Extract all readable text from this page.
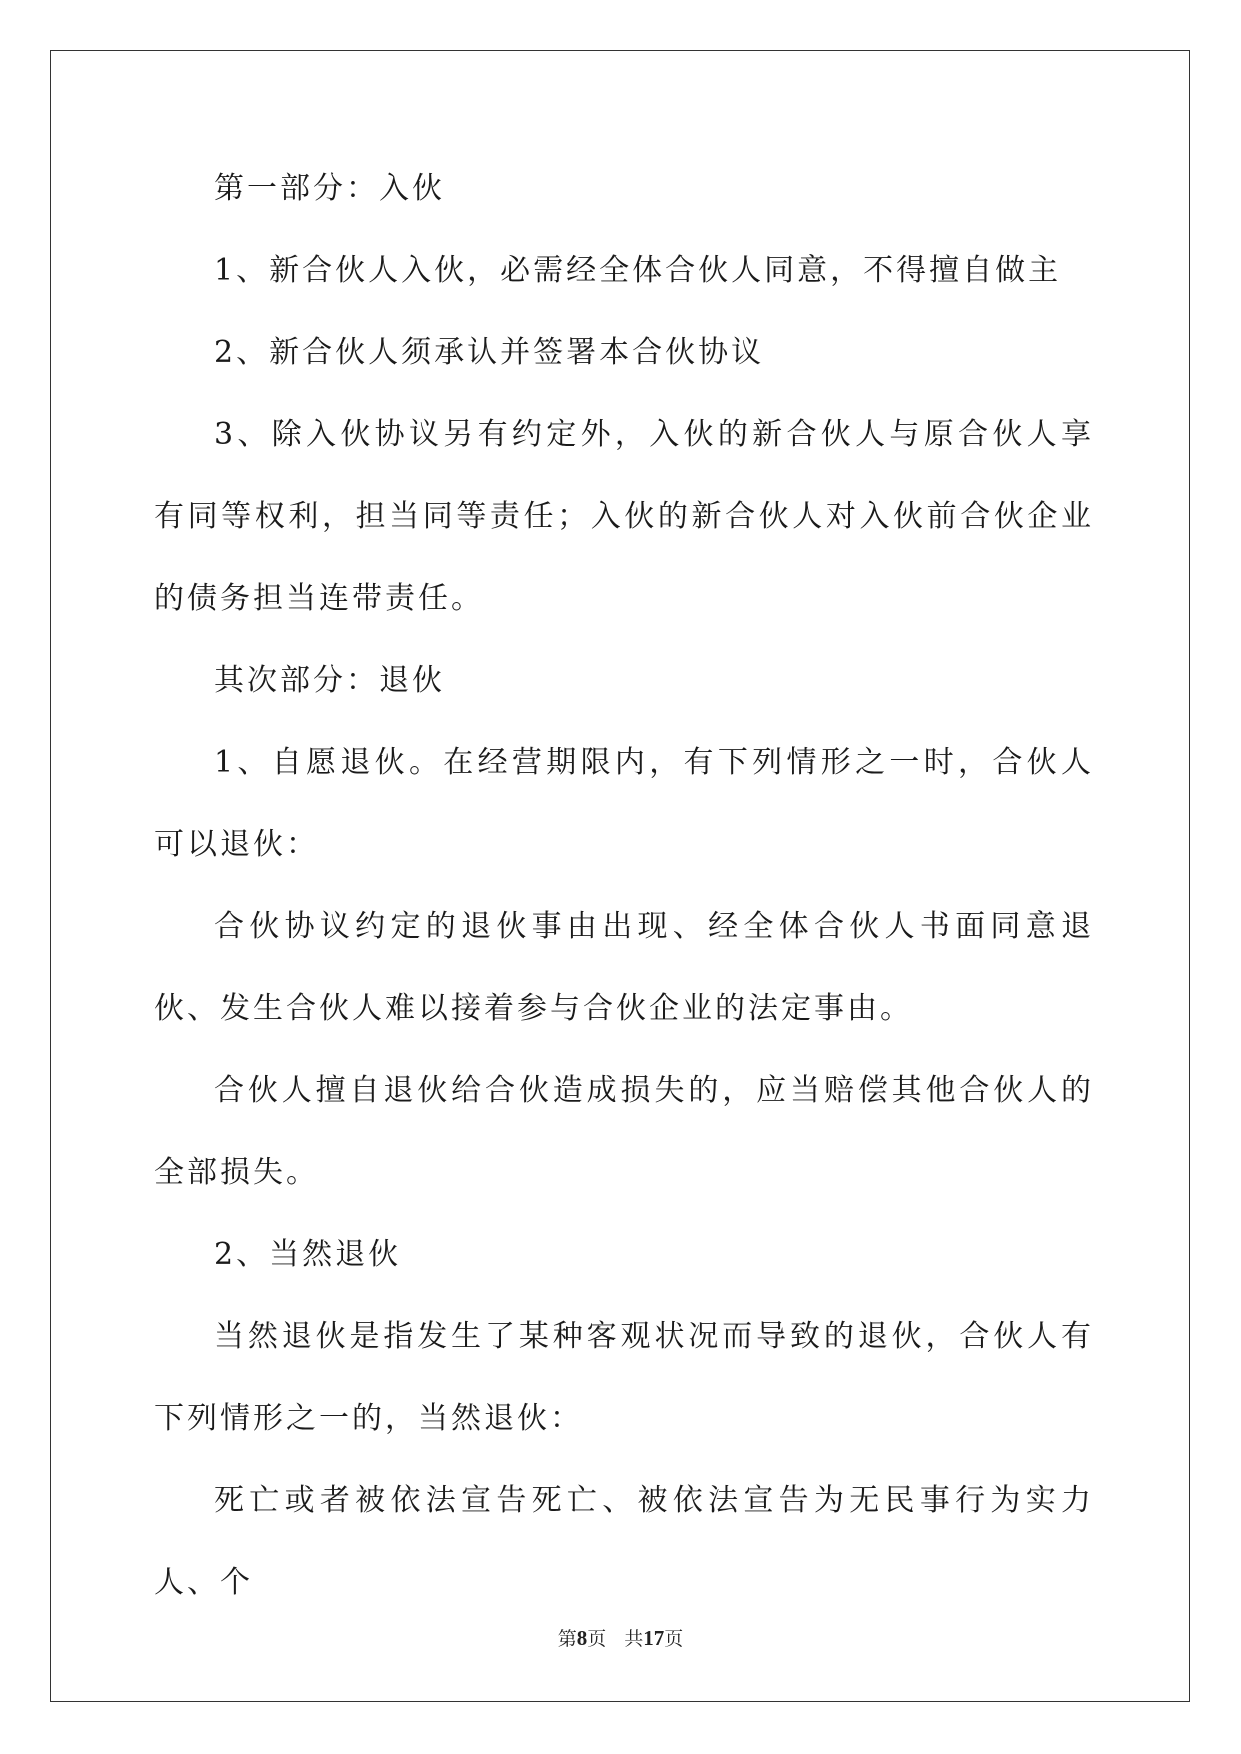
第一部分：入伙

1、新合伙人入伙，必需经全体合伙人同意，不得擅自做主

2、新合伙人须承认并签署本合伙协议

3、除入伙协议另有约定外，入伙的新合伙人与原合伙人享有同等权利，担当同等责任；入伙的新合伙人对入伙前合伙企业的债务担当连带责任。

其次部分：退伙

1、自愿退伙。在经营期限内，有下列情形之一时，合伙人可以退伙：

合伙协议约定的退伙事由出现、经全体合伙人书面同意退伙、发生合伙人难以接着参与合伙企业的法定事由。

合伙人擅自退伙给合伙造成损失的，应当赔偿其他合伙人的全部损失。

2、当然退伙

当然退伙是指发生了某种客观状况而导致的退伙，合伙人有下列情形之一的，当然退伙：

死亡或者被依法宣告死亡、被依法宣告为无民事行为实力人、个

第8页 共17页
